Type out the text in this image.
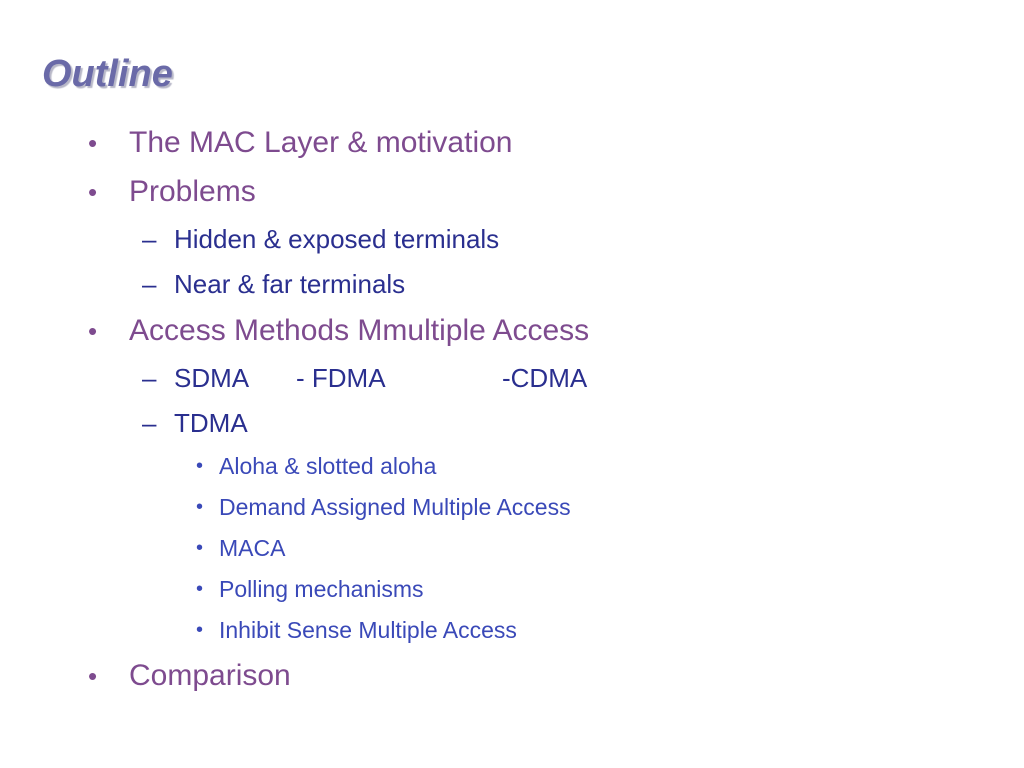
Outline
• The MAC Layer & motivation
• Problems
– Hidden & exposed terminals
– Near & far terminals
• Access Methods Mmultiple Access
– SDMA - FDMA	-CDMA
– TDMA
• Aloha & slotted aloha
• Demand Assigned Multiple Access
• MACA
• Polling mechanisms
• Inhibit Sense Multiple Access
• Comparison
